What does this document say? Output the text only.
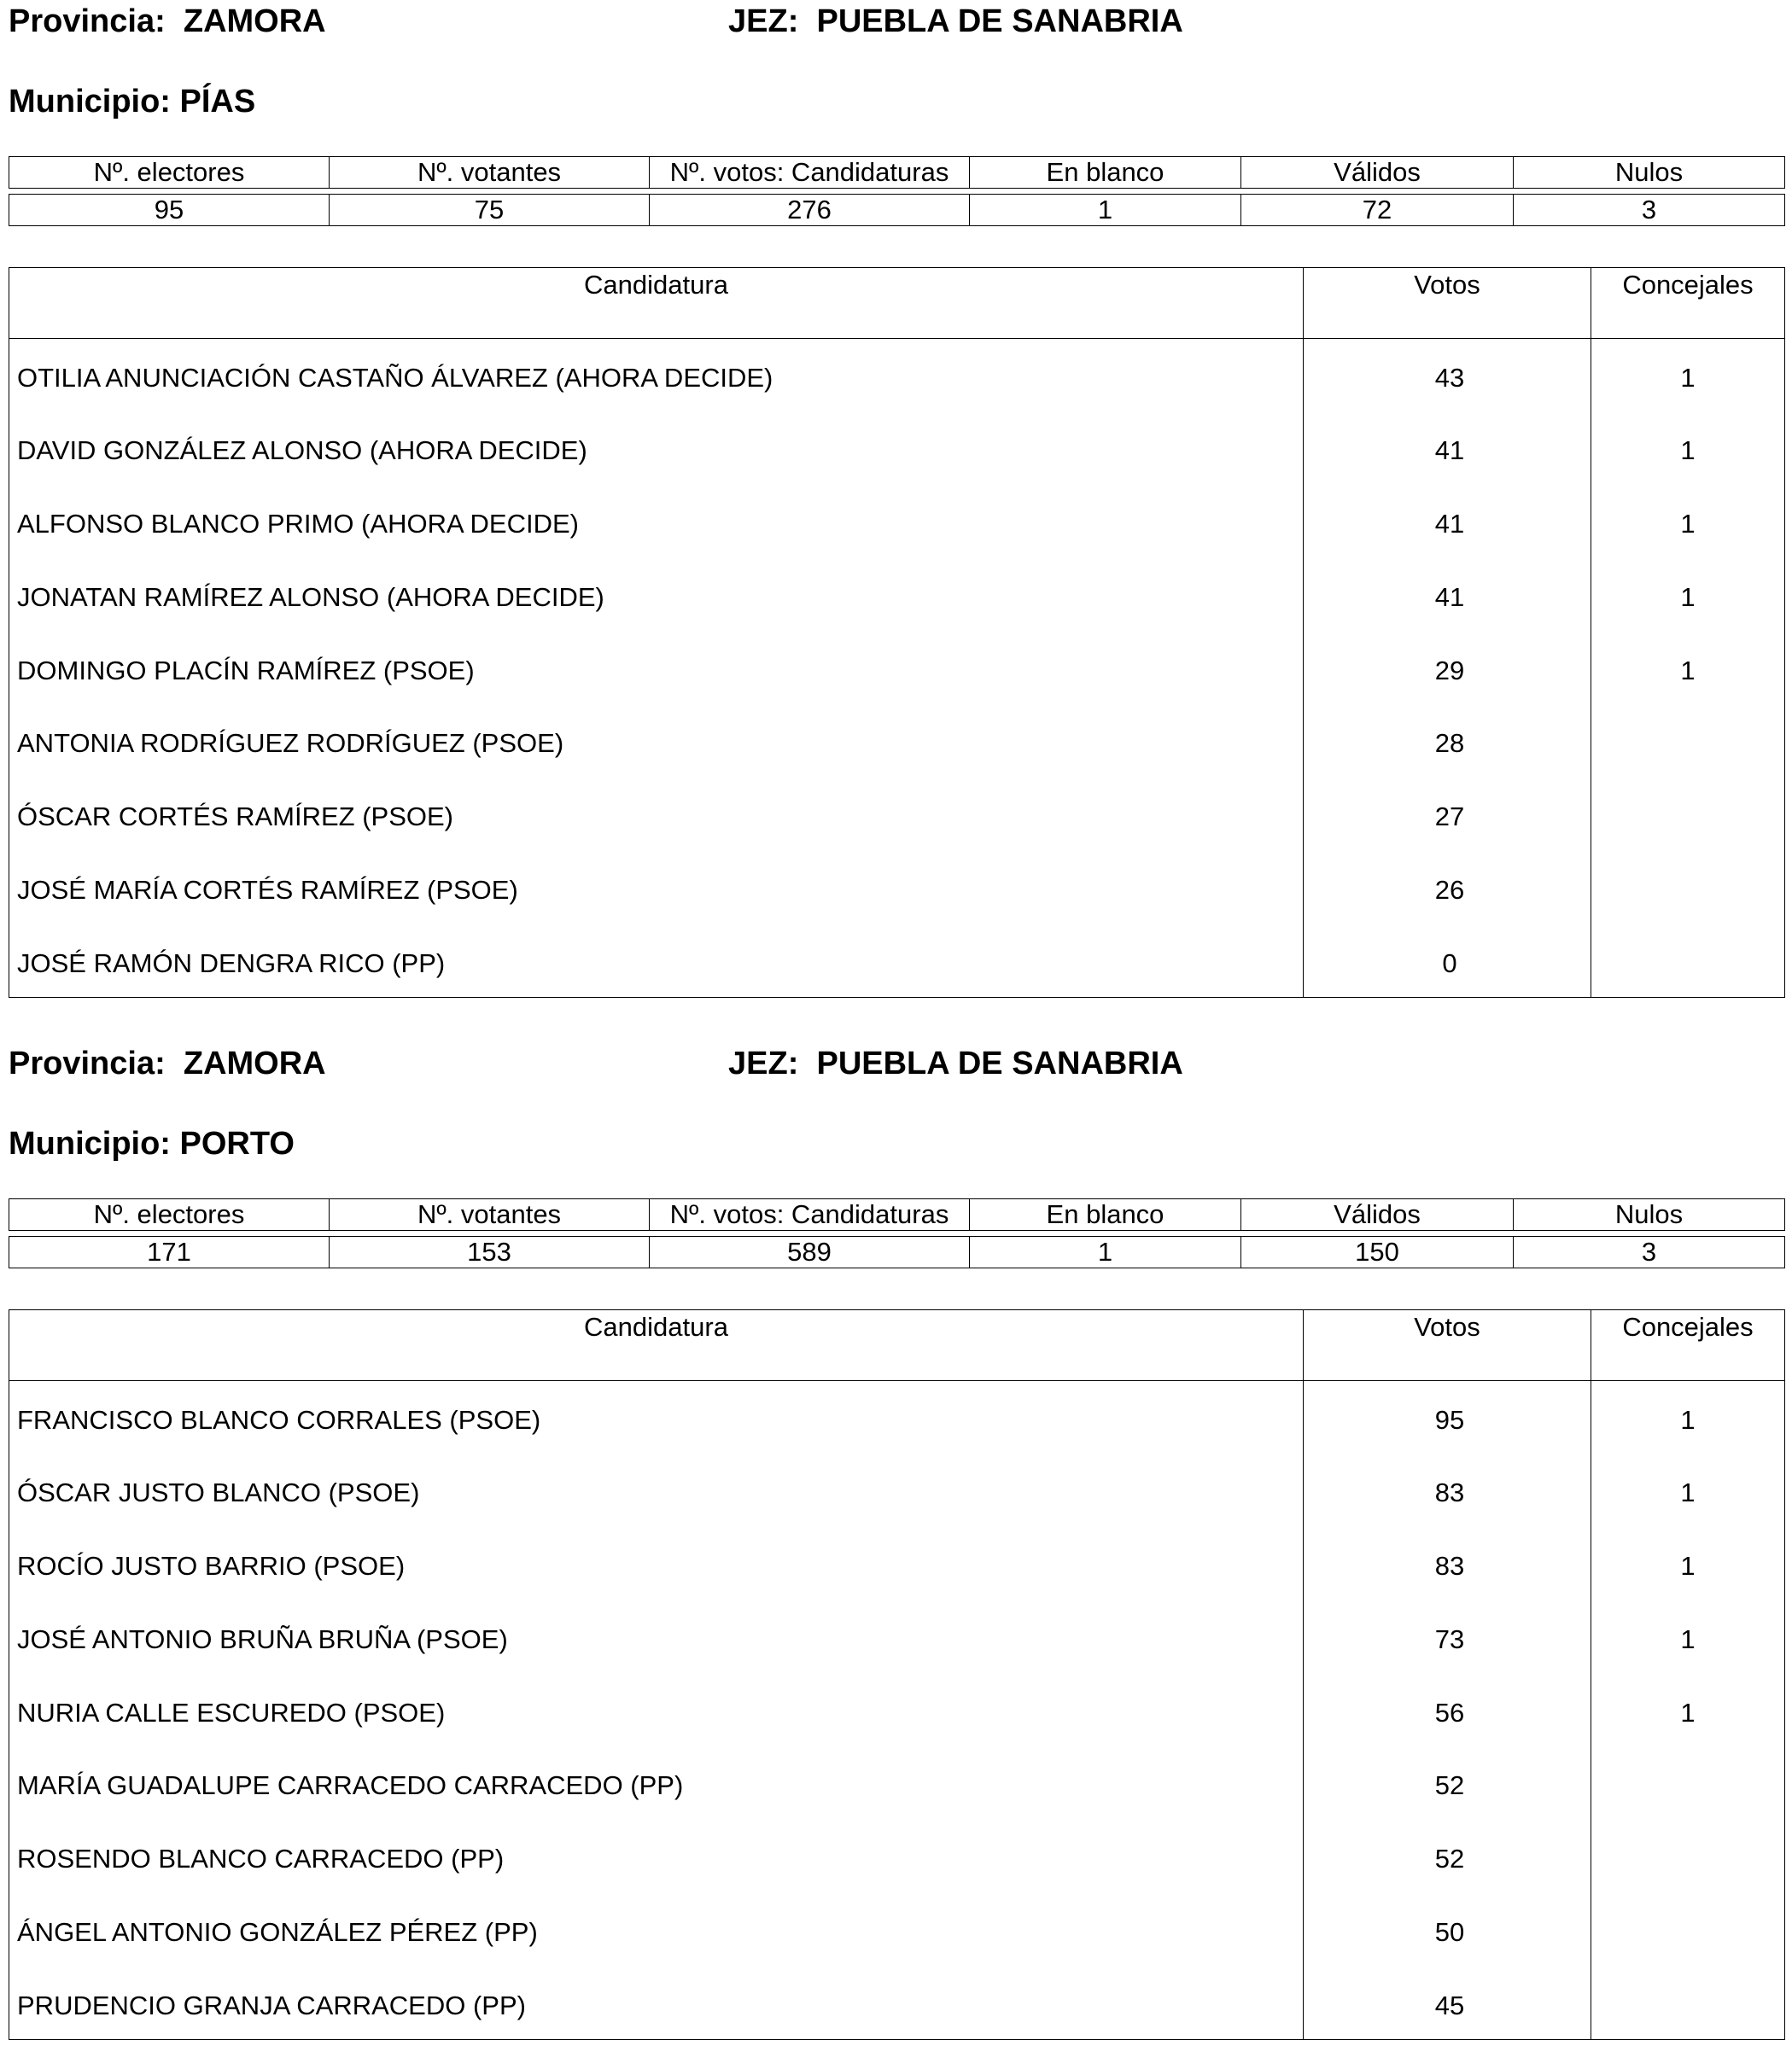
Provincia: ZAMORA	JEZ: PUEBLA DE SANABRIA
Municipio: PÍAS
Nº. electores	Nº. votantes	Nº. votos: Candidaturas	En blanco	Válidos	Nulos
95	75	276	1	72	3
Candidatura	Votos	Concejales
OTILIA ANUNCIACIÓN CASTAÑO ÁLVAREZ (AHORA DECIDE)	43	1
DAVID GONZÁLEZ ALONSO (AHORA DECIDE)	41	1
ALFONSO BLANCO PRIMO (AHORA DECIDE)	41	1
JONATAN RAMÍREZ ALONSO (AHORA DECIDE)	41	1
DOMINGO PLACÍN RAMÍREZ (PSOE)	29	1
ANTONIA RODRÍGUEZ RODRÍGUEZ (PSOE)	28	
ÓSCAR CORTÉS RAMÍREZ (PSOE)	27	
JOSÉ MARÍA CORTÉS RAMÍREZ (PSOE)	26	
JOSÉ RAMÓN DENGRA RICO (PP)	0	
Provincia: ZAMORA	JEZ: PUEBLA DE SANABRIA
Municipio: PORTO
Nº. electores	Nº. votantes	Nº. votos: Candidaturas	En blanco	Válidos	Nulos
171	153	589	1	150	3
Candidatura	Votos	Concejales
FRANCISCO BLANCO CORRALES (PSOE)	95	1
ÓSCAR JUSTO BLANCO (PSOE)	83	1
ROCÍO JUSTO BARRIO (PSOE)	83	1
JOSÉ ANTONIO BRUÑA BRUÑA (PSOE)	73	1
NURIA CALLE ESCUREDO (PSOE)	56	1
MARÍA GUADALUPE CARRACEDO CARRACEDO (PP)	52	
ROSENDO BLANCO CARRACEDO (PP)	52	
ÁNGEL ANTONIO GONZÁLEZ PÉREZ (PP)	50	
PRUDENCIO GRANJA CARRACEDO (PP)	45	
